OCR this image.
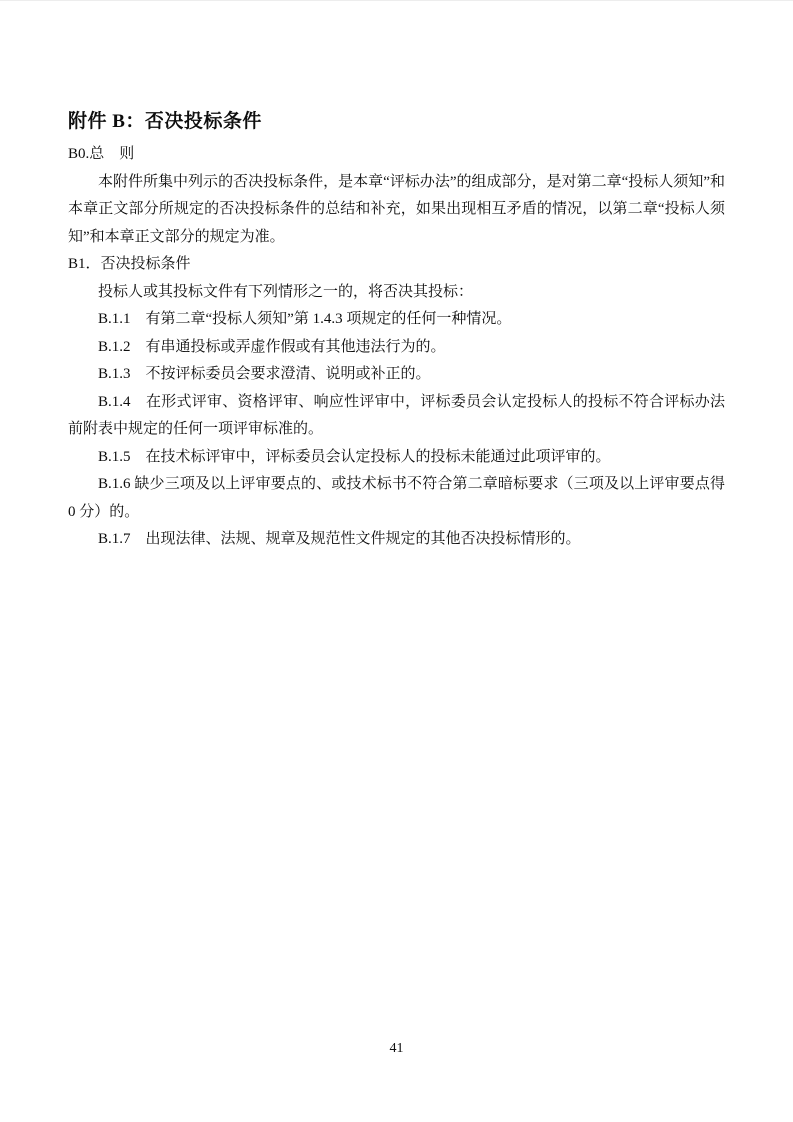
附件 B：否决投标条件

B0.总　则

本附件所集中列示的否决投标条件，是本章“评标办法”的组成部分，是对第二章“投标人须知”和本章正文部分所规定的否决投标条件的总结和补充，如果出现相互矛盾的情况，以第二章“投标人须知”和本章正文部分的规定为准。

B1．否决投标条件

投标人或其投标文件有下列情形之一的，将否决其投标：

B.1.1　有第二章“投标人须知”第 1.4.3 项规定的任何一种情况。

B.1.2　有串通投标或弄虚作假或有其他违法行为的。

B.1.3　不按评标委员会要求澄清、说明或补正的。

B.1.4　在形式评审、资格评审、响应性评审中，评标委员会认定投标人的投标不符合评标办法前附表中规定的任何一项评审标准的。

B.1.5　在技术标评审中，评标委员会认定投标人的投标未能通过此项评审的。

B.1.6 缺少三项及以上评审要点的、或技术标书不符合第二章暗标要求（三项及以上评审要点得 0 分）的。

B.1.7　出现法律、法规、规章及规范性文件规定的其他否决投标情形的。

41
